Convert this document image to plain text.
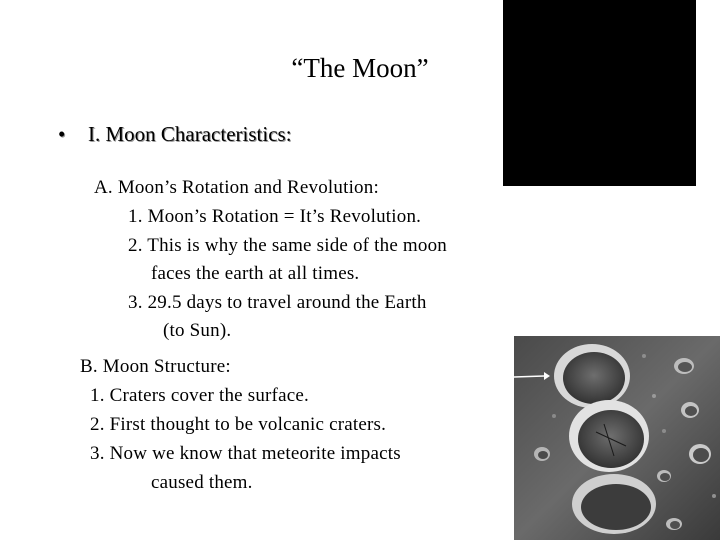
“The Moon”
• I. Moon Characteristics:
A. Moon’s Rotation and Revolution:
1. Moon’s Rotation = It’s Revolution.
2. This is why the same side of the moon
faces the earth at all times.
3. 29.5 days to travel around the Earth
(to Sun).
B. Moon Structure:
1. Craters cover the surface.
2. First thought to be volcanic craters.
3. Now we know that meteorite impacts
caused them.
